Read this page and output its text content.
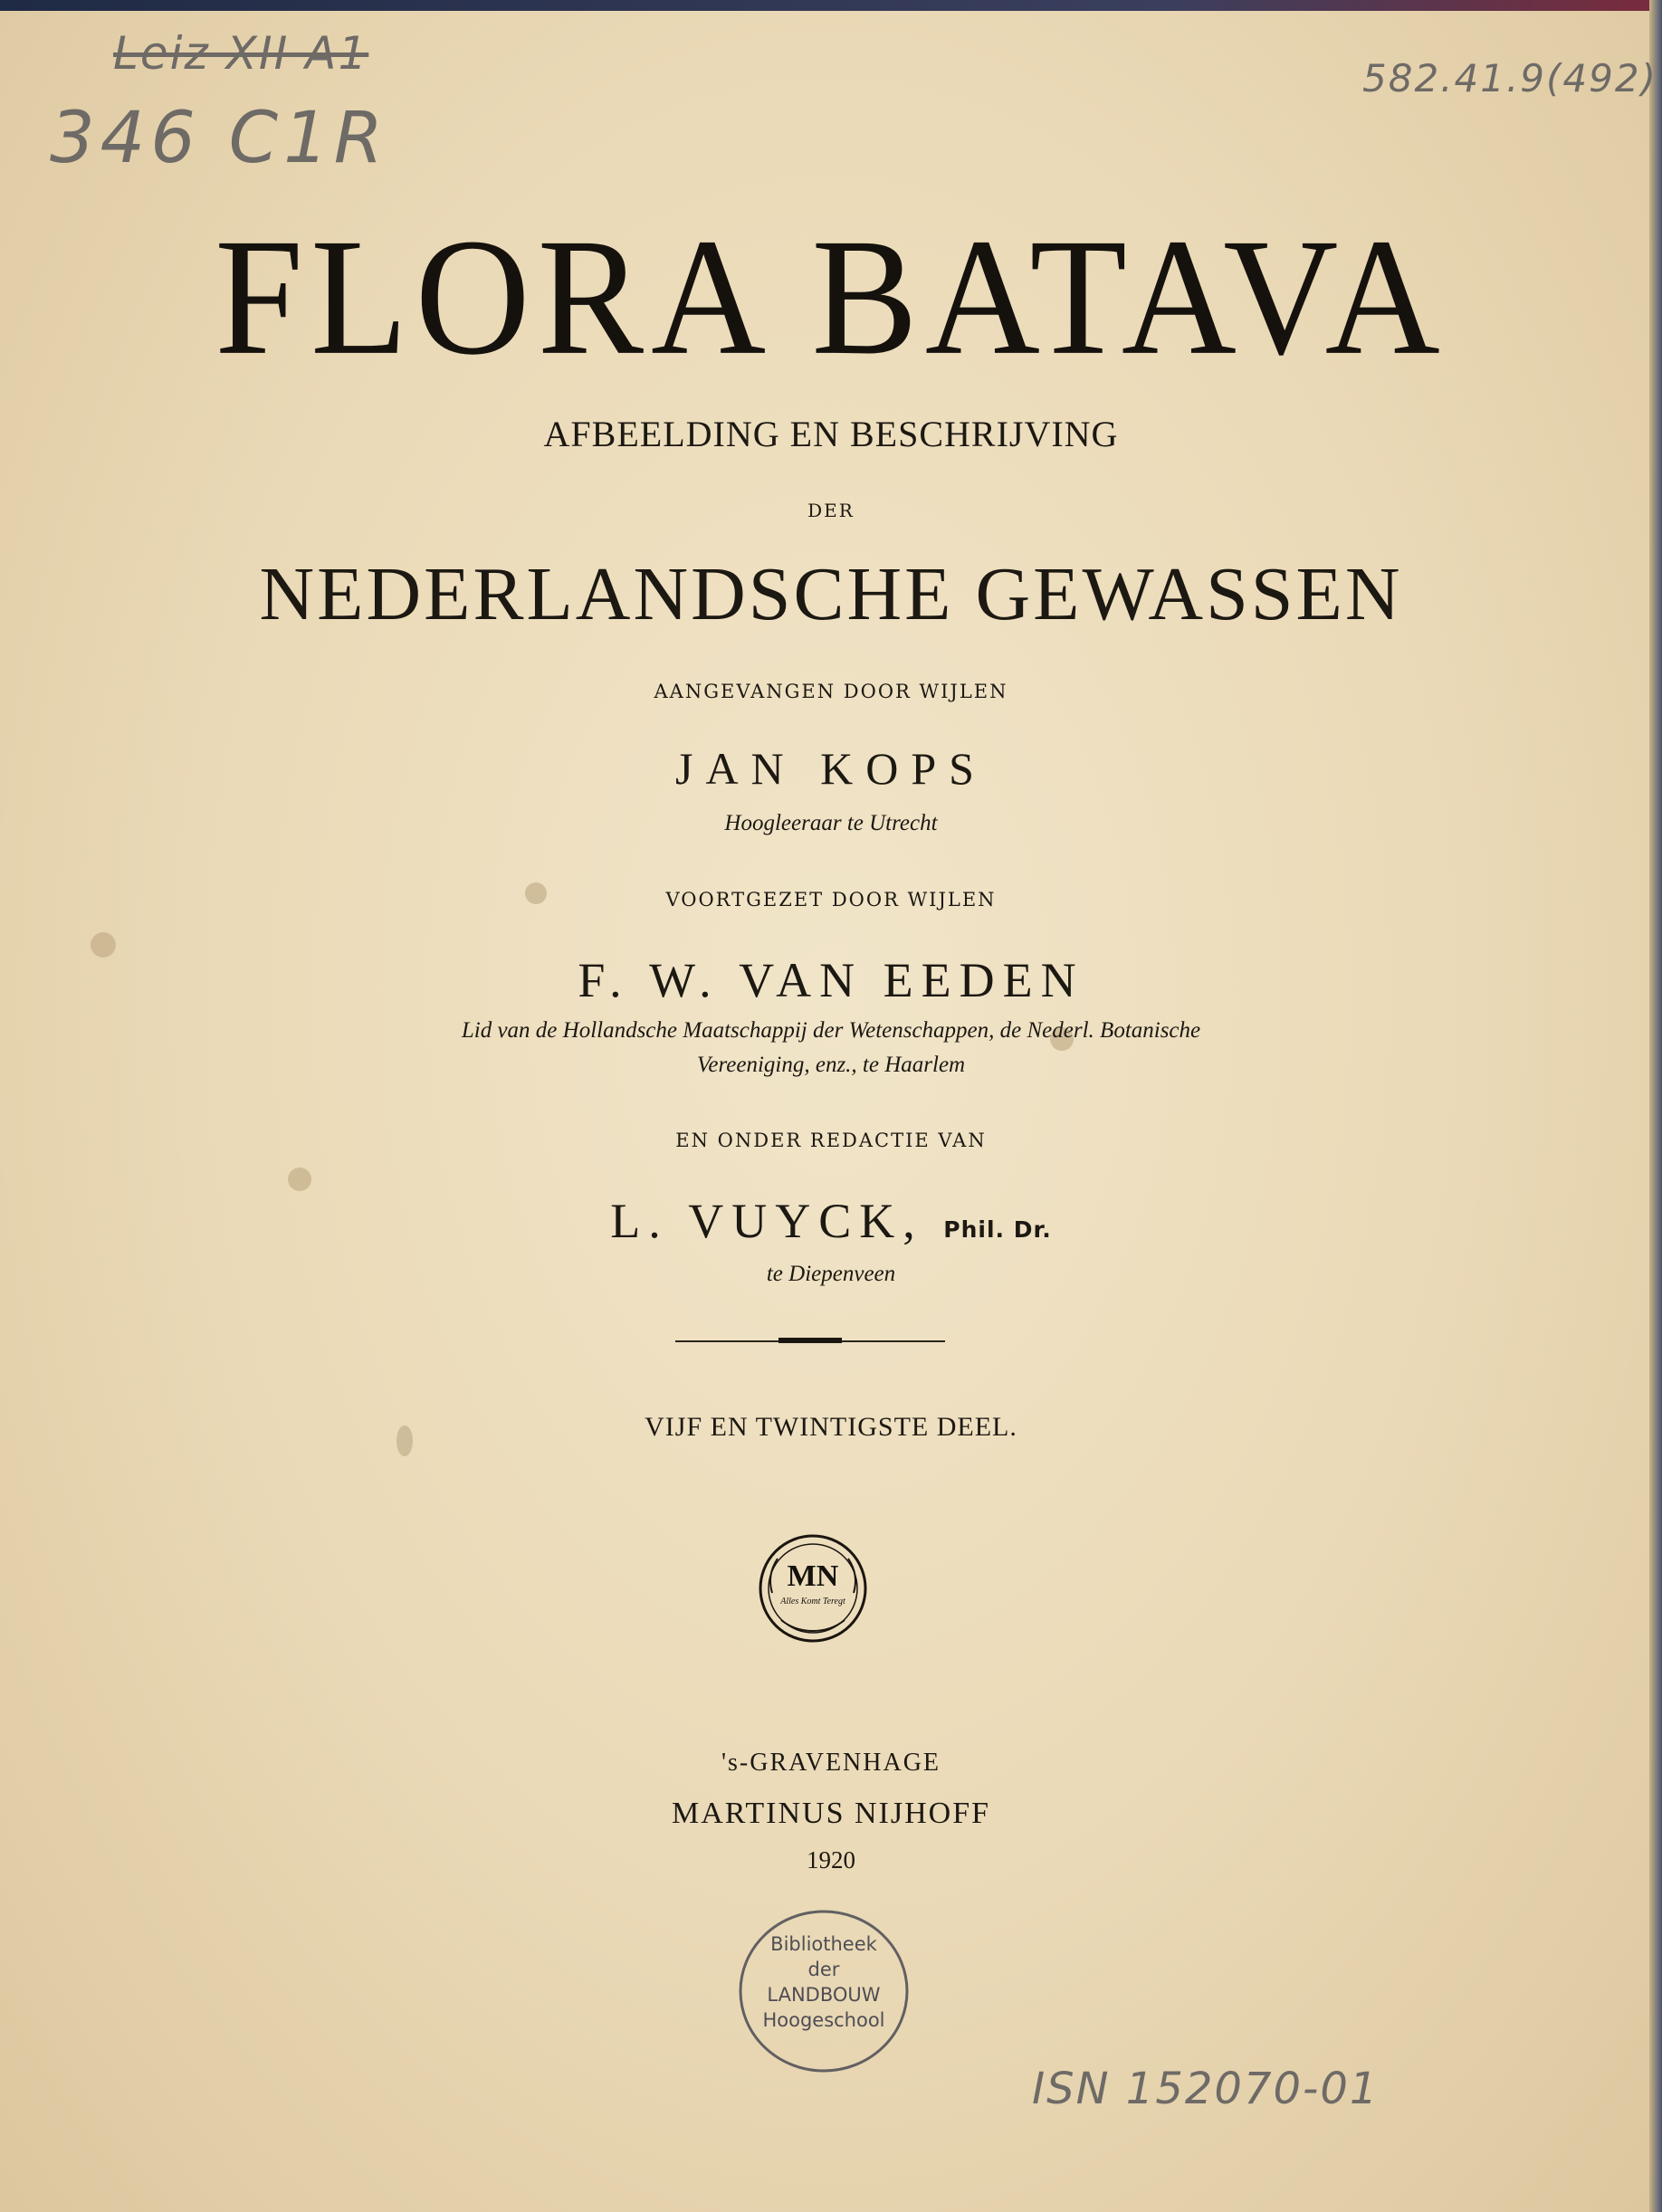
Leiz XII A1
346 C1R
582.41.9(492)
ISN 152070-01
FLORA BATAVA
AFBEELDING EN BESCHRIJVING
DER
NEDERLANDSCHE GEWASSEN
AANGEVANGEN DOOR WIJLEN
JAN KOPS
Hoogleeraar te Utrecht
VOORTGEZET DOOR WIJLEN
F. W. VAN EEDEN
Lid van de Hollandsche Maatschappij der Wetenschappen, de Nederl. Botanische
Vereeniging, enz., te Haarlem
EN ONDER REDACTIE VAN
L. VUYCK, Phil. Dr.
te Diepenveen
VIJF EN TWINTIGSTE DEEL.
MN
Alles Komt Teregt
's-GRAVENHAGE
MARTINUS NIJHOFF
1920
Bibliotheek
der
LANDBOUW
Hoogeschool
